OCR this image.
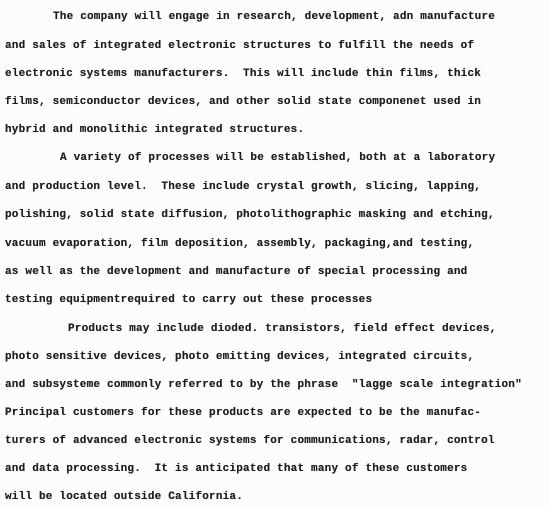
The company will engage in research, development, adn manufacture
and sales of integrated electronic structures to fulfill the needs of
electronic systems manufacturers.  This will include thin films, thick
films, semiconductor devices, and other solid state componenet used in
hybrid and monolithic integrated structures.
A variety of processes will be established, both at a laboratory
and production level.  These include crystal growth, slicing, lapping,
polishing, solid state diffusion, photolithographic masking and etching,
vacuum evaporation, film deposition, assembly, packaging,and testing,
as well as the development and manufacture of special processing and
testing equipmentrequired to carry out these processes
Products may include dioded. transistors, field effect devices,
photo sensitive devices, photo emitting devices, integrated circuits,
and subsysteme commonly referred to by the phrase  "lagge scale integration"
Principal customers for these products are expected to be the manufac-
turers of advanced electronic systems for communications, radar, control
and data processing.  It is anticipated that many of these customers
will be located outside California.
